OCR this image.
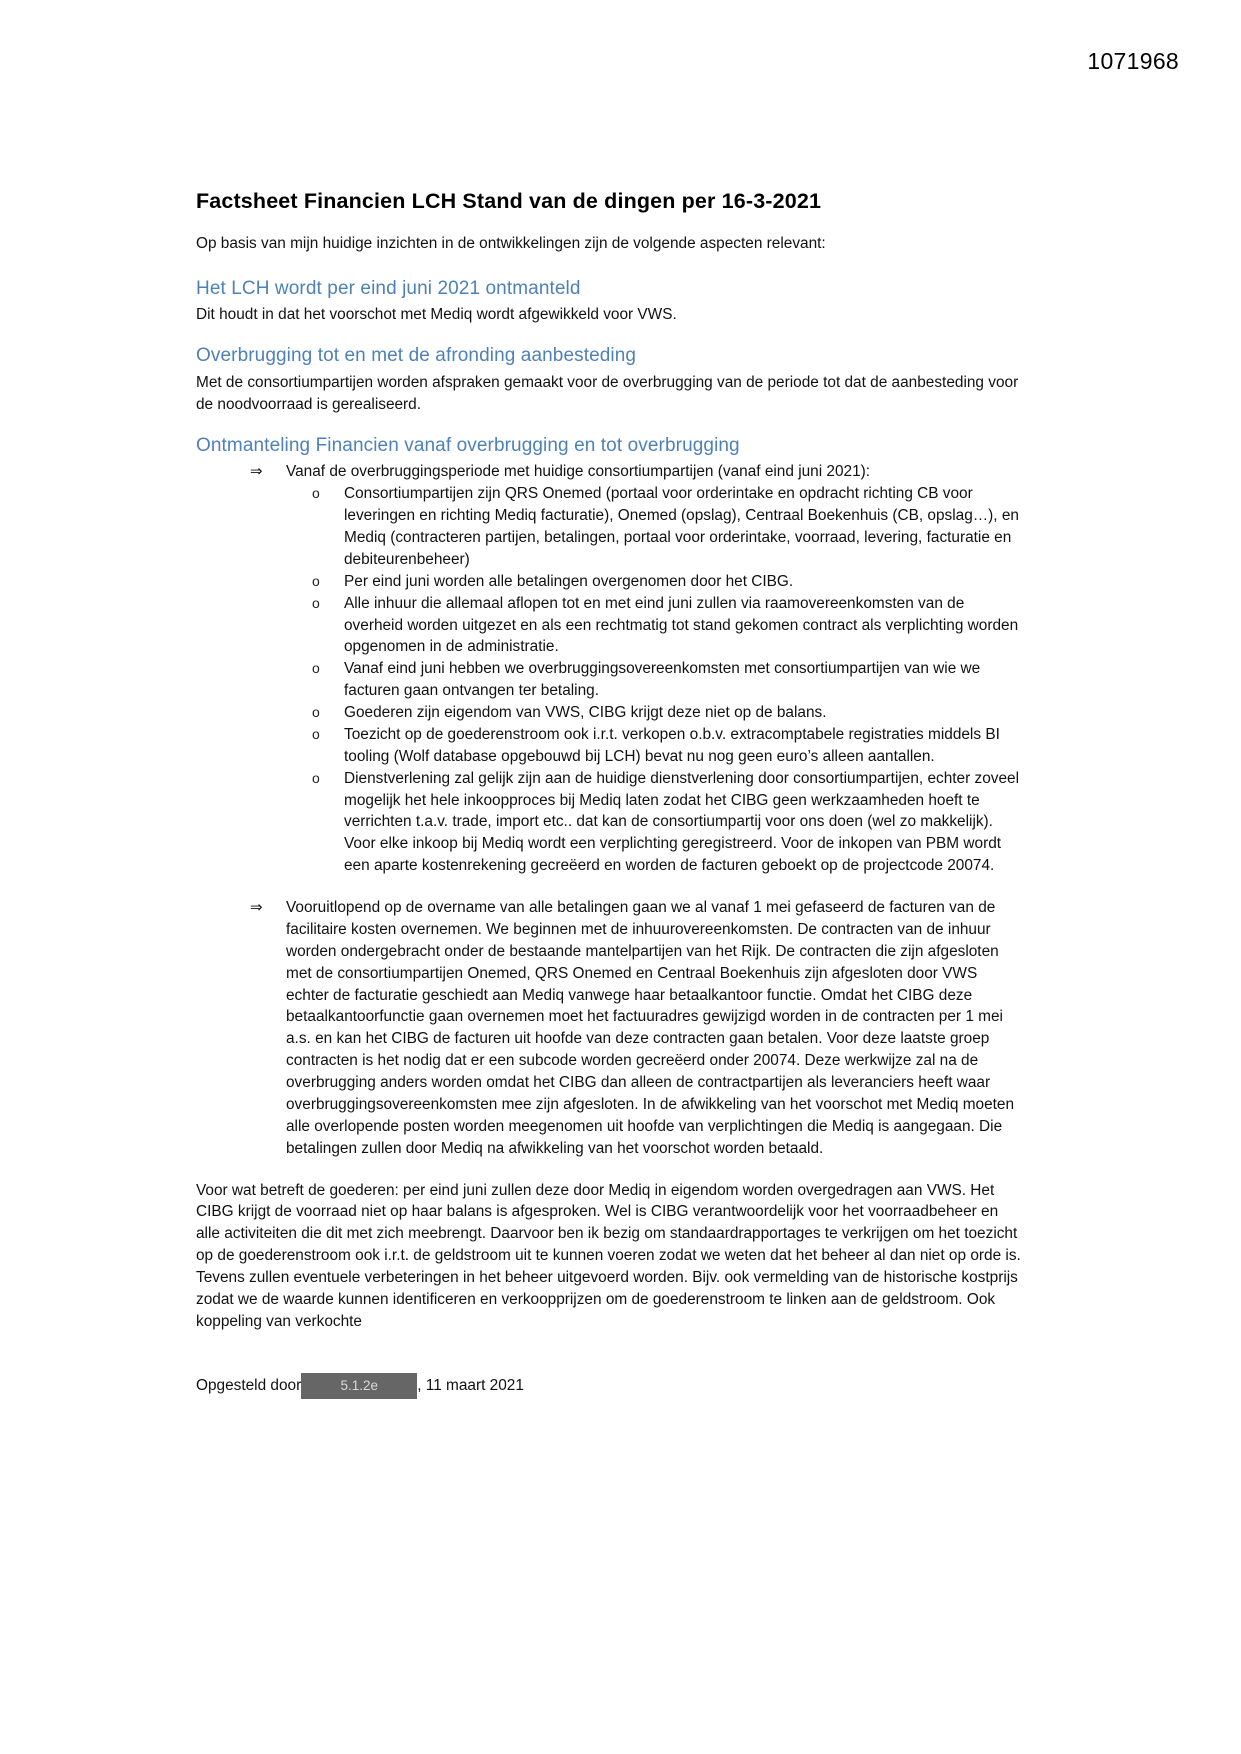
1071968
Factsheet Financien LCH Stand van de dingen per 16-3-2021

Op basis van mijn huidige inzichten in de ontwikkelingen zijn de volgende aspecten relevant:

Het LCH wordt per eind juni 2021 ontmanteld

Dit houdt in dat het voorschot met Mediq wordt afgewikkeld voor VWS.

Overbrugging tot en met de afronding aanbesteding

Met de consortiumpartijen worden afspraken gemaakt voor de overbrugging van de periode tot dat de aanbesteding voor de noodvoorraad is gerealiseerd.

Ontmanteling Financien vanaf overbrugging en tot overbrugging
⇒ Vanaf de overbruggingsperiode met huidige consortiumpartijen (vanaf eind juni 2021):
o Consortiumpartijen zijn QRS Onemed (portaal voor orderintake en opdracht richting CB voor leveringen en richting Mediq facturatie), Onemed (opslag), Centraal Boekenhuis (CB, opslag…), en Mediq (contracteren partijen, betalingen, portaal voor orderintake, voorraad, levering, facturatie en debiteurenbeheer)
o Per eind juni worden alle betalingen overgenomen door het CIBG.
o Alle inhuur die allemaal aflopen tot en met eind juni zullen via raamovereenkomsten van de overheid worden uitgezet en als een rechtmatig tot stand gekomen contract als verplichting worden opgenomen in de administratie.
o Vanaf eind juni hebben we overbruggingsovereenkomsten met consortiumpartijen van wie we facturen gaan ontvangen ter betaling.
o Goederen zijn eigendom van VWS, CIBG krijgt deze niet op de balans.
o Toezicht op de goederenstroom ook i.r.t. verkopen o.b.v. extracomptabele registraties middels BI tooling (Wolf database opgebouwd bij LCH) bevat nu nog geen euro’s alleen aantallen.
o Dienstverlening zal gelijk zijn aan de huidige dienstverlening door consortiumpartijen, echter zoveel mogelijk het hele inkoopproces bij Mediq laten zodat het CIBG geen werkzaamheden hoeft te verrichten t.a.v. trade, import etc.. dat kan de consortiumpartij voor ons doen (wel zo makkelijk). Voor elke inkoop bij Mediq wordt een verplichting geregistreerd. Voor de inkopen van PBM wordt een aparte kostenrekening gecreëerd en worden de facturen geboekt op de projectcode 20074.
⇒ Vooruitlopend op de overname van alle betalingen gaan we al vanaf 1 mei gefaseerd de facturen van de facilitaire kosten overnemen. We beginnen met de inhuurovereenkomsten. De contracten van de inhuur worden ondergebracht onder de bestaande mantelpartijen van het Rijk. De contracten die zijn afgesloten met de consortiumpartijen Onemed, QRS Onemed en Centraal Boekenhuis zijn afgesloten door VWS echter de facturatie geschiedt aan Mediq vanwege haar betaalkantoor functie. Omdat het CIBG deze betaalkantoorfunctie gaan overnemen moet het factuuradres gewijzigd worden in de contracten per 1 mei a.s. en kan het CIBG de facturen uit hoofde van deze contracten gaan betalen. Voor deze laatste groep contracten is het nodig dat er een subcode worden gecreëerd onder 20074. Deze werkwijze zal na de overbrugging anders worden omdat het CIBG dan alleen de contractpartijen als leveranciers heeft waar overbruggingsovereenkomsten mee zijn afgesloten. In de afwikkeling van het voorschot met Mediq moeten alle overlopende posten worden meegenomen uit hoofde van verplichtingen die Mediq is aangegaan. Die betalingen zullen door Mediq na afwikkeling van het voorschot worden betaald.

Voor wat betreft de goederen: per eind juni zullen deze door Mediq in eigendom worden overgedragen aan VWS. Het CIBG krijgt de voorraad niet op haar balans is afgesproken. Wel is CIBG verantwoordelijk voor het voorraadbeheer en alle activiteiten die dit met zich meebrengt. Daarvoor ben ik bezig om standaardrapportages te verkrijgen om het toezicht op de goederenstroom ook i.r.t. de geldstroom uit te kunnen voeren zodat we weten dat het beheer al dan niet op orde is. Tevens zullen eventuele verbeteringen in het beheer uitgevoerd worden. Bijv. ook vermelding van de historische kostprijs zodat we de waarde kunnen identificeren en verkoopprijzen om de goederenstroom te linken aan de geldstroom. Ook koppeling van verkochte

Opgesteld door	5.1.2e	, 11 maart 2021
